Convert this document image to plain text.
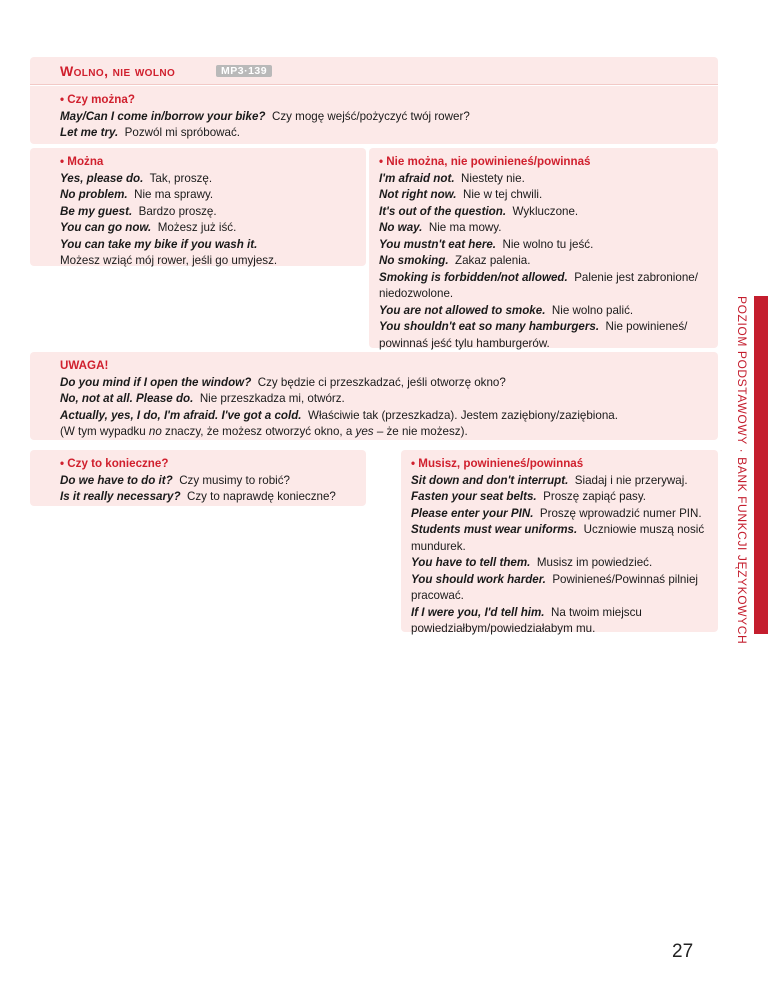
Wolno, nie wolno	MP3·139
• Czy można?
May/Can I come in/borrow your bike? Czy mogę wejść/pożyczyć twój rower?
Let me try. Pozwól mi spróbować.
• Można
Yes, please do. Tak, proszę.
No problem. Nie ma sprawy.
Be my guest. Bardzo proszę.
You can go now. Możesz już iść.
You can take my bike if you wash it.
Możesz wziąć mój rower, jeśli go umyjesz.
• Nie można, nie powinieneś/powinnaś
I'm afraid not. Niestety nie.
Not right now. Nie w tej chwili.
It's out of the question. Wykluczone.
No way. Nie ma mowy.
You mustn't eat here. Nie wolno tu jeść.
No smoking. Zakaz palenia.
Smoking is forbidden/not allowed. Palenie jest zabronione/
niedozwolone.
You are not allowed to smoke. Nie wolno palić.
You shouldn't eat so many hamburgers. Nie powinieneś/
powinnaś jeść tylu hamburgerów.
UWAGA!
Do you mind if I open the window? Czy będzie ci przeszkadzać, jeśli otworzę okno?
No, not at all. Please do. Nie przeszkadza mi, otwórz.
Actually, yes, I do, I'm afraid. I've got a cold. Właściwie tak (przeszkadza). Jestem zaziębiony/zaziębiona.
(W tym wypadku no znaczy, że możesz otworzyć okno, a yes – że nie możesz).
• Czy to konieczne?
Do we have to do it? Czy musimy to robić?
Is it really necessary? Czy to naprawdę konieczne?
• Musisz, powinieneś/powinnaś
Sit down and don't interrupt. Siadaj i nie przerywaj.
Fasten your seat belts. Proszę zapiąć pasy.
Please enter your PIN. Proszę wprowadzić numer PIN.
Students must wear uniforms. Uczniowie muszą nosić
mundurek.
You have to tell them. Musisz im powiedzieć.
You should work harder. Powinieneś/Powinnaś pilniej
pracować.
If I were you, I'd tell him. Na twoim miejscu
powiedziałbym/powiedziałabym mu.	POZIOM PODSTAWOWY · BANK FUNKCJI JĘZYKOWYCH
27
